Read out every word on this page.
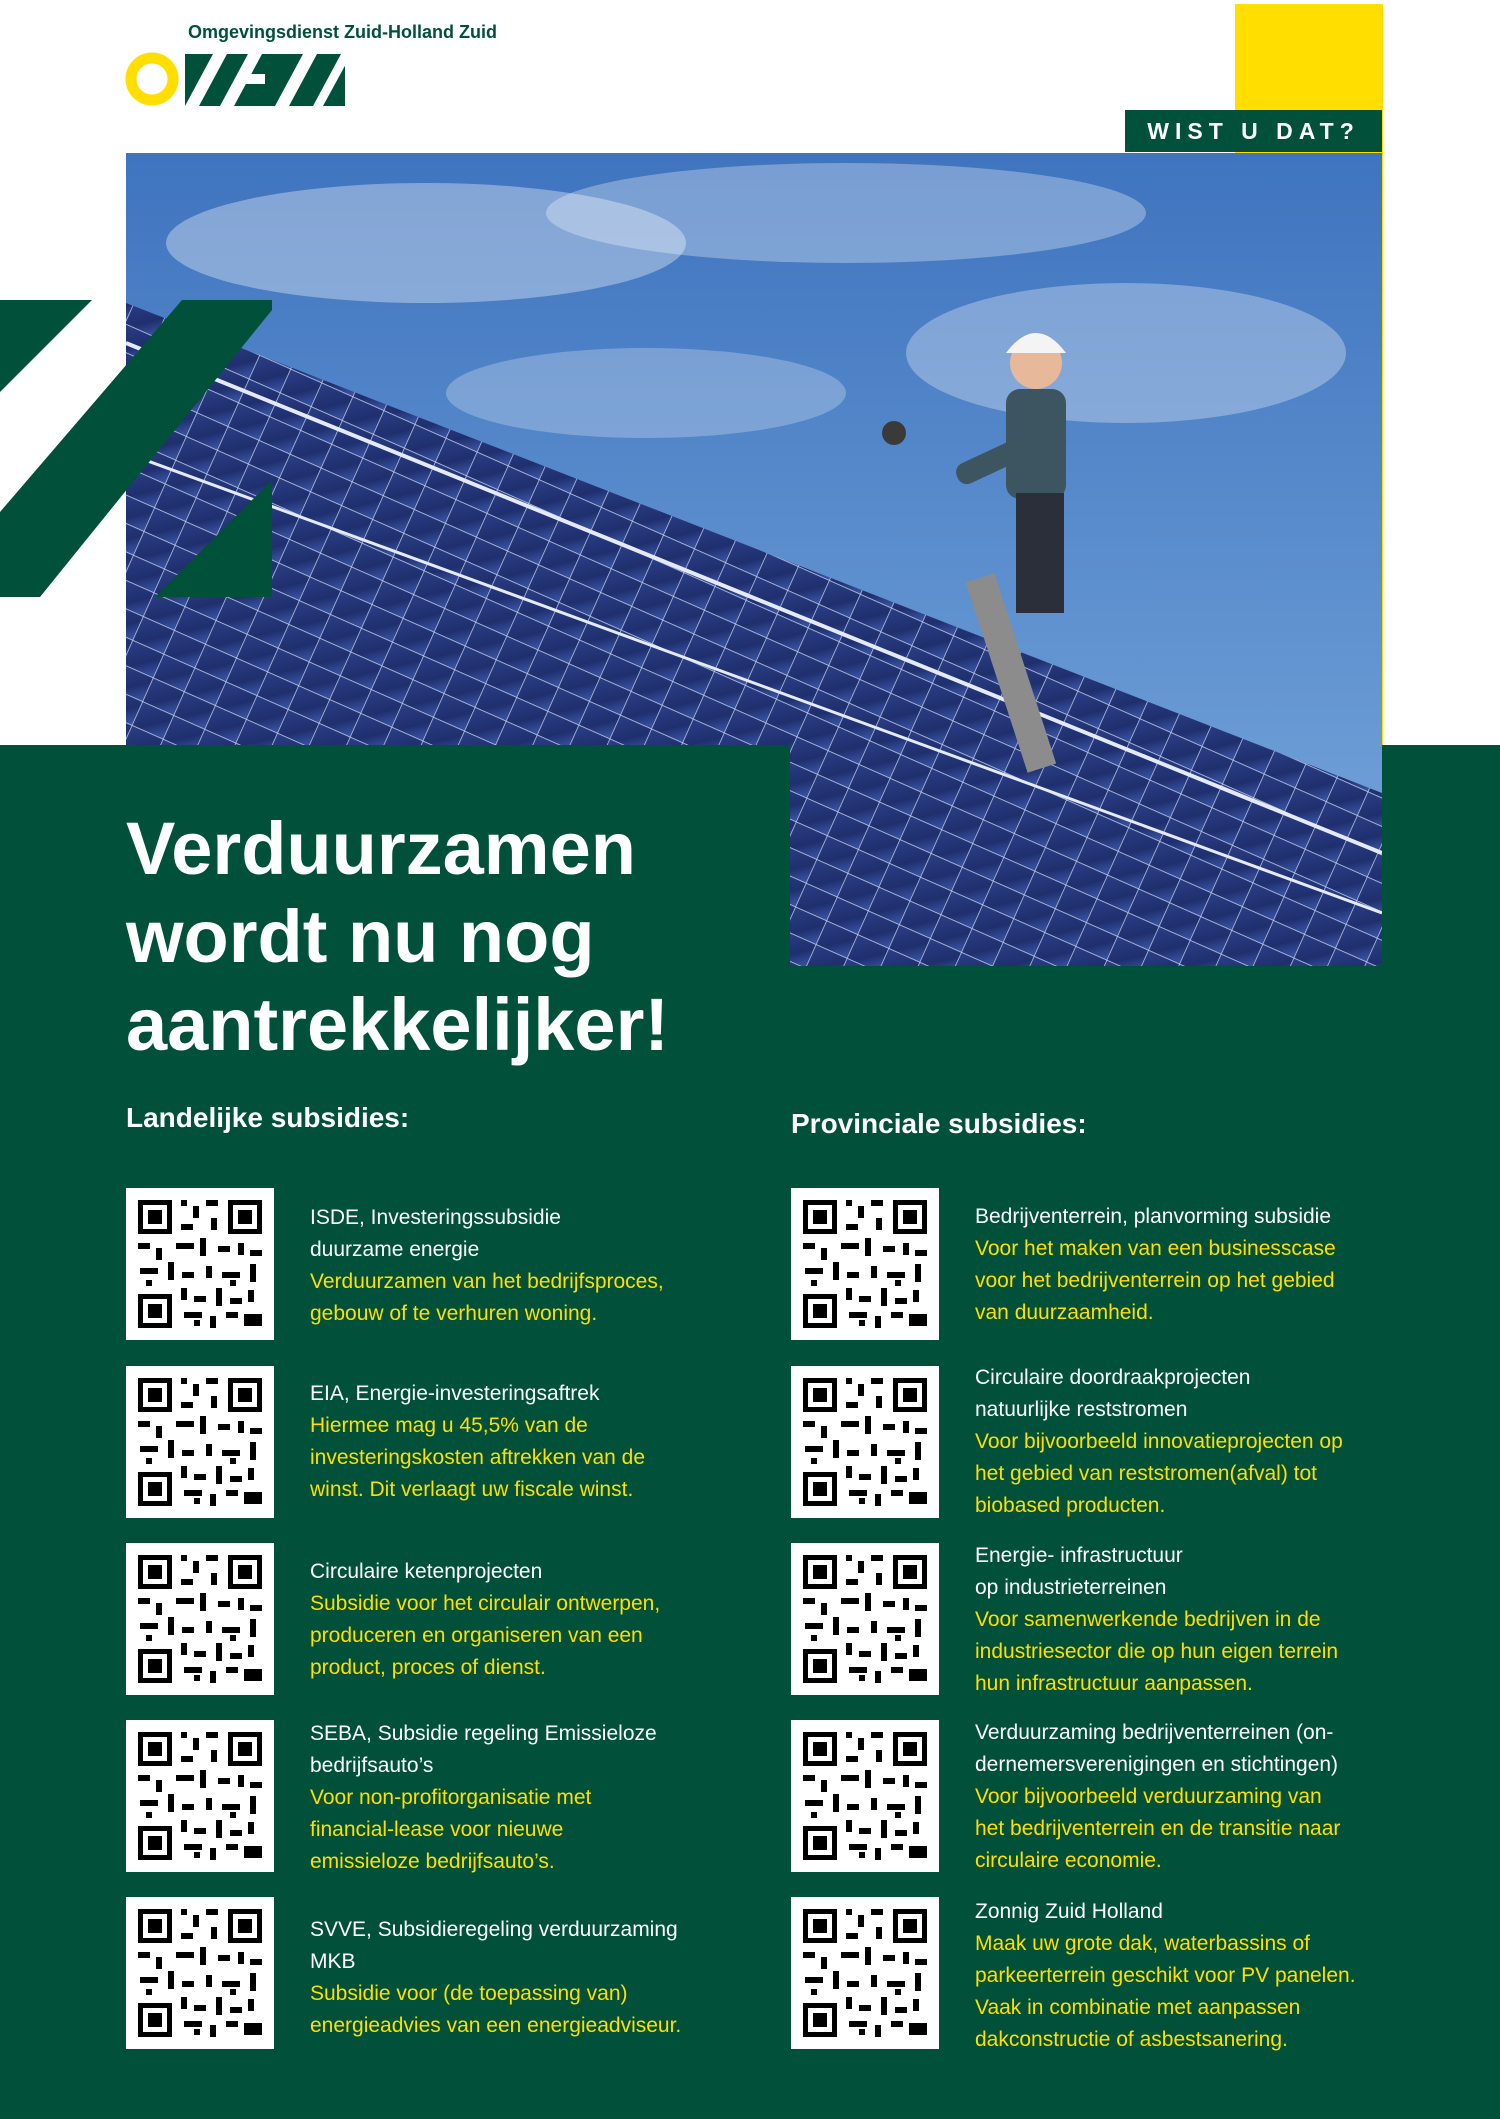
Omgevingsdienst Zuid-Holland Zuid
WIST U DAT?
Verduurzamen
wordt nu nog
aantrekkelijker!
Landelijke subsidies:	Provinciale subsidies:
ISDE, Investeringssubsidie
duurzame energie
Verduurzamen van het bedrijfsproces,
gebouw of te verhuren woning.
EIA, Energie-investeringsaftrek
Hiermee mag u 45,5% van de
investeringskosten aftrekken van de
winst. Dit verlaagt uw fiscale winst.
Circulaire ketenprojecten
Subsidie voor het circulair ontwerpen,
produceren en organiseren van een
product, proces of dienst.
SEBA, Subsidie regeling Emissieloze
bedrijfsauto’s
Voor non-profitorganisatie met
financial-lease voor nieuwe
emissieloze bedrijfsauto’s.
SVVE, Subsidieregeling verduurzaming
MKB
Subsidie voor (de toepassing van)
energieadvies van een energieadviseur.
Bedrijventerrein, planvorming subsidie
Voor het maken van een businesscase
voor het bedrijventerrein op het gebied
van duurzaamheid.
Circulaire doordraakprojecten
natuurlijke reststromen
Voor bijvoorbeeld innovatieprojecten op
het gebied van reststromen(afval) tot
biobased producten.
Energie- infrastructuur
op industrieterreinen
Voor samenwerkende bedrijven in de
industriesector die op hun eigen terrein
hun infrastructuur aanpassen.
Verduurzaming bedrijventerreinen (on-
dernemersverenigingen en stichtingen)
Voor bijvoorbeeld verduurzaming van
het bedrijventerrein en de transitie naar
circulaire economie.
Zonnig Zuid Holland
Maak uw grote dak, waterbassins of
parkeerterrein geschikt voor PV panelen.
Vaak in combinatie met aanpassen
dakconstructie of asbestsanering.
